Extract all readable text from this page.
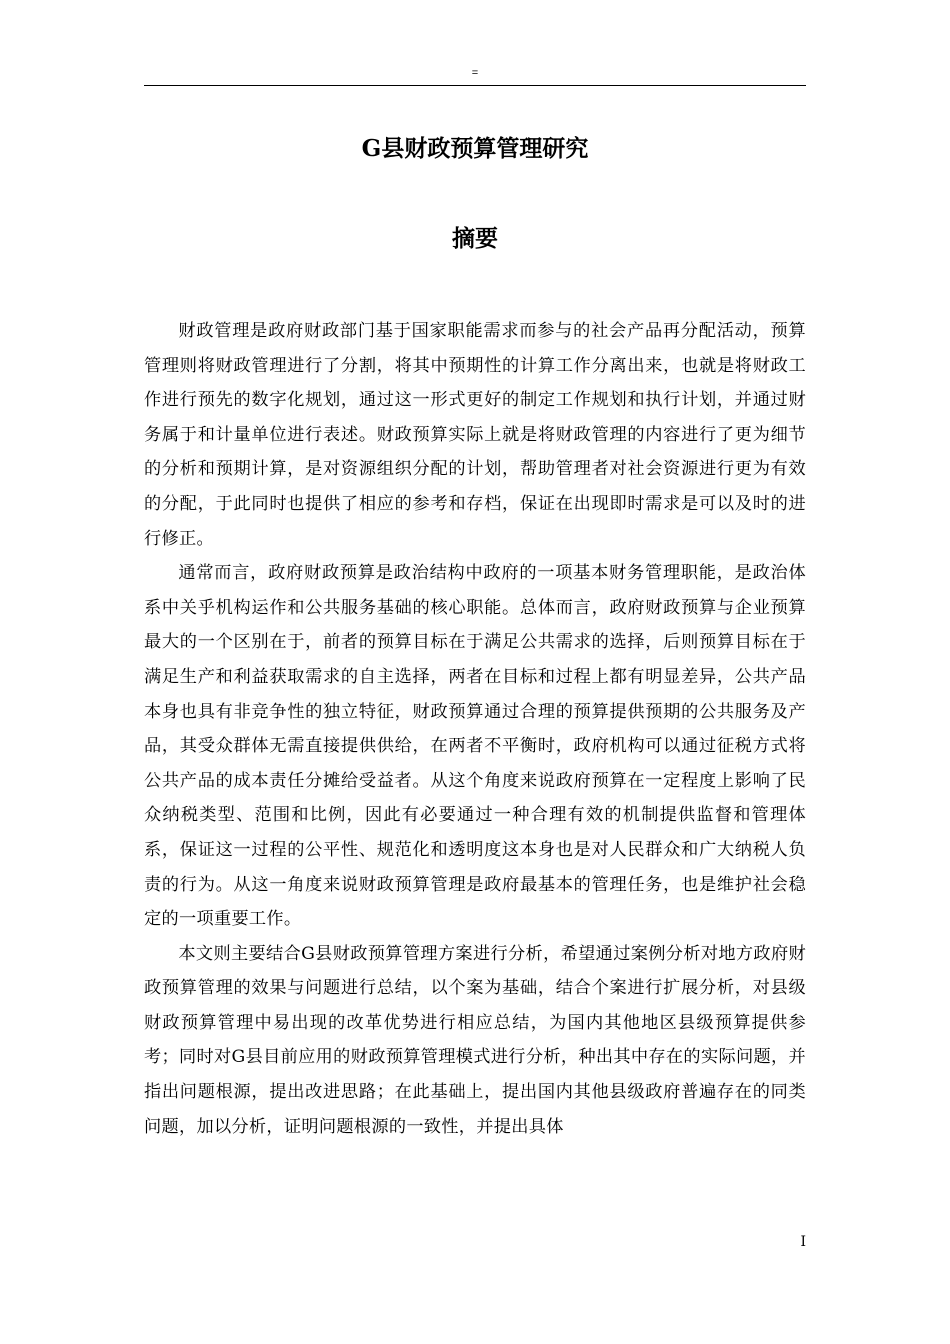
=
G县财政预算管理研究
摘要

财政管理是政府财政部门基于国家职能需求而参与的社会产品再分配活动，预算管理则将财政管理进行了分割，将其中预期性的计算工作分离出来，也就是将财政工作进行预先的数字化规划，通过这一形式更好的制定工作规划和执行计划，并通过财务属于和计量单位进行表述。财政预算实际上就是将财政管理的内容进行了更为细节的分析和预期计算，是对资源组织分配的计划，帮助管理者对社会资源进行更为有效的分配，于此同时也提供了相应的参考和存档，保证在出现即时需求是可以及时的进行修正。

通常而言，政府财政预算是政治结构中政府的一项基本财务管理职能，是政治体系中关乎机构运作和公共服务基础的核心职能。总体而言，政府财政预算与企业预算最大的一个区别在于，前者的预算目标在于满足公共需求的选择，后则预算目标在于满足生产和利益获取需求的自主选择，两者在目标和过程上都有明显差异，公共产品本身也具有非竞争性的独立特征，财政预算通过合理的预算提供预期的公共服务及产品，其受众群体无需直接提供供给，在两者不平衡时，政府机构可以通过征税方式将公共产品的成本责任分摊给受益者。从这个角度来说政府预算在一定程度上影响了民众纳税类型、范围和比例，因此有必要通过一种合理有效的机制提供监督和管理体系，保证这一过程的公平性、规范化和透明度这本身也是对人民群众和广大纳税人负责的行为。从这一角度来说财政预算管理是政府最基本的管理任务，也是维护社会稳定的一项重要工作。

本文则主要结合G县财政预算管理方案进行分析，希望通过案例分析对地方政府财政预算管理的效果与问题进行总结，以个案为基础，结合个案进行扩展分析，对县级财政预算管理中易出现的改革优势进行相应总结，为国内其他地区县级预算提供参考；同时对G县目前应用的财政预算管理模式进行分析，种出其中存在的实际问题，并指出问题根源，提出改进思路；在此基础上，提出国内其他县级政府普遍存在的同类问题，加以分析，证明问题根源的一致性，并提出具体

I
